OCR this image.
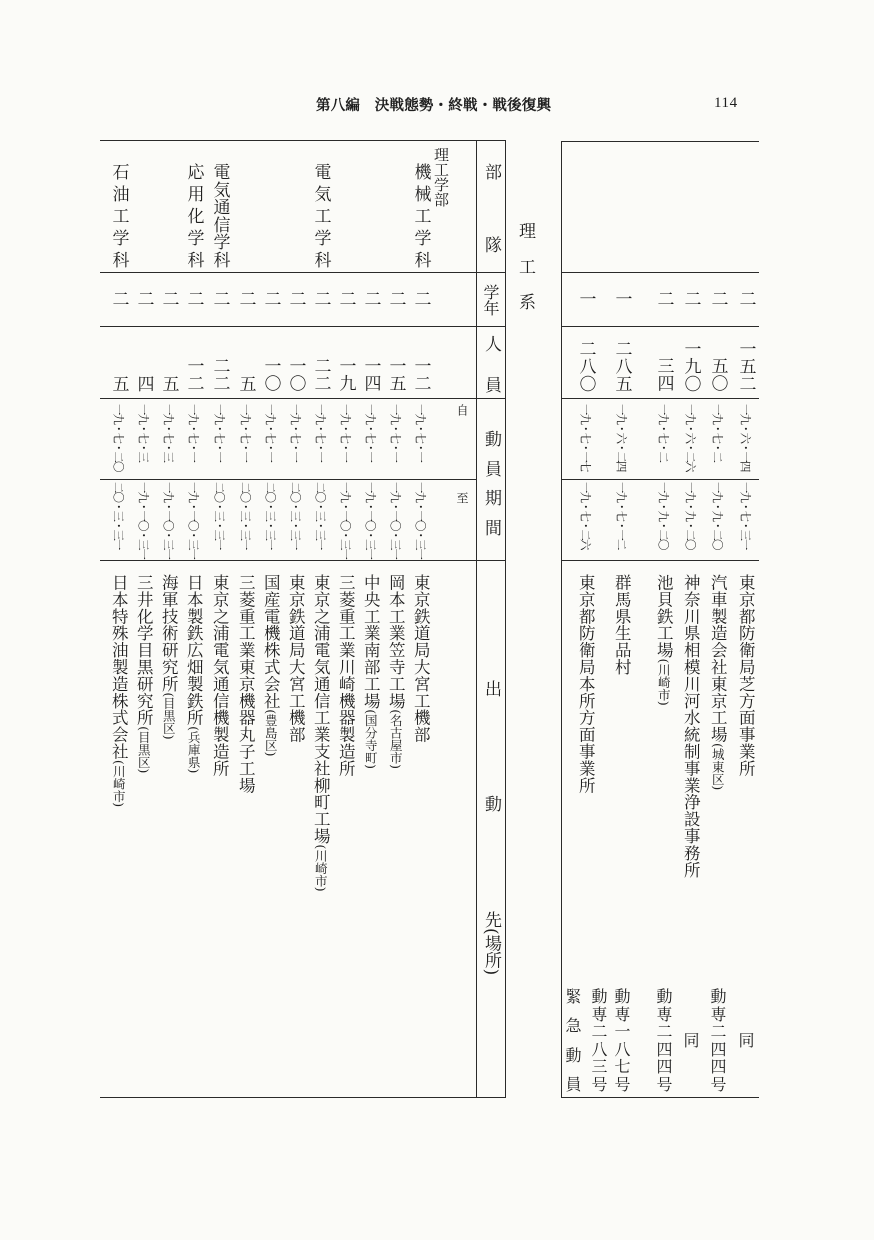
第八編　決戦態勢・終戦・戦後復興	114
理
工
系
部
隊
学年
人
員
動
員
期
間
出
動
先(場所)
自
至
理工学部
二
一五二
一九・六・一四
一九・七・三一
東京都防衛局芝方面事業所
同
二
五〇
一九・七・二
一九・九・二〇
汽車製造会社東京工場(城東区)
動
専
二
四
四
号
二
一九〇
一九・六・二六
一九・九・二〇
神奈川県相模川河水統制事業浄設事務所
同
二
三四
一九・七・二
一九・九・二〇
池貝鉄工場(川崎市)
動
専
二
四
四
号
一
二八五
一九・六・二四
一九・七・一二
群馬県生品村
動
専
一
八
七
号
一
二八〇
一九・七・一七
一九・七・二六
東京都防衛局本所方面事業所
動
専
二
八
三
号
緊
急
動
員
機
械
工
学
科
二
一二
一九・七・一
一九・一〇・三一
東京鉄道局大宮工機部
二
一五
一九・七・一
一九・一〇・三一
岡本工業笠寺工場(名古屋市)
二
一四
一九・七・一
一九・一〇・三一
中央工業南部工場(国分寺町)
二
一九
一九・七・一
一九・一〇・三一
三菱重工業川崎機器製造所
電
気
工
学
科
二
二二
一九・七・一
二〇・三・三一
東京之浦電気通信工業支社柳町工場(川崎市)
二
一〇
一九・七・一
二〇・三・三一
東京鉄道局大宮工機部
二
一〇
一九・七・一
二〇・三・三一
国産電機株式会社(豊島区)
二
五
一九・七・一
二〇・三・三一
三菱重工業東京機器丸子工場
電
気
通
信
学
科
二
二二
一九・七・一
二〇・三・三一
東京之浦電気通信機製造所
応
用
化
学
科
二
一二
一九・七・一
一九・一〇・三一
日本製鉄広畑製鉄所(兵庫県)
二
五
一九・七・三
一九・一〇・三一
海軍技術研究所(目黒区)
二
四
一九・七・三
一九・一〇・三一
三井化学目黒研究所(目黒区)
石
油
工
学
科
二
五
一九・七・二〇
二〇・三・三一
日本特殊油製造株式会社(川崎市)
